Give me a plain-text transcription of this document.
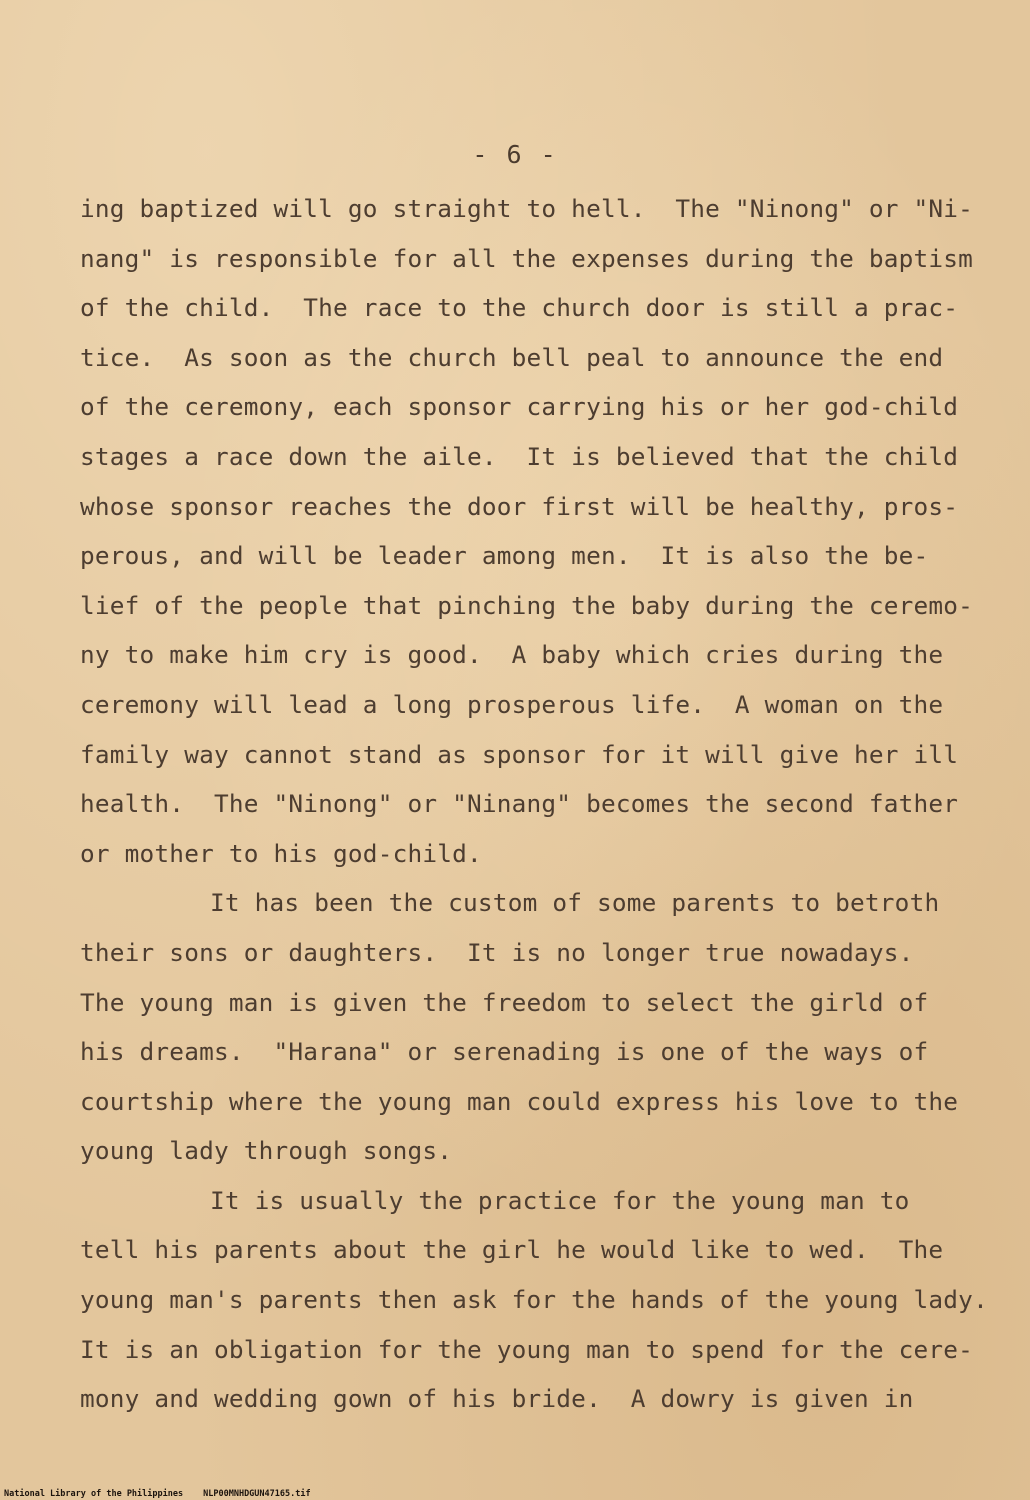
- 6 -
ing baptized will go straight to hell.  The "Ninong" or "Ni-
nang" is responsible for all the expenses during the baptism
of the child.  The race to the church door is still a prac-
tice.  As soon as the church bell peal to announce the end
of the ceremony, each sponsor carrying his or her god-child
stages a race down the aile.  It is believed that the child
whose sponsor reaches the door first will be healthy, pros-
perous, and will be leader among men.  It is also the be-
lief of the people that pinching the baby during the ceremo-
ny to make him cry is good.  A baby which cries during the
ceremony will lead a long prosperous life.  A woman on the
family way cannot stand as sponsor for it will give her ill
health.  The "Ninong" or "Ninang" becomes the second father
or mother to his god-child.
It has been the custom of some parents to betroth
their sons or daughters.  It is no longer true nowadays.
The young man is given the freedom to select the girld of
his dreams.  "Harana" or serenading is one of the ways of
courtship where the young man could express his love to the
young lady through songs.
It is usually the practice for the young man to
tell his parents about the girl he would like to wed.  The
young man's parents then ask for the hands of the young lady.
It is an obligation for the young man to spend for the cere-
mony and wedding gown of his bride.  A dowry is given in
National Library of the Philippines NLP00MNHDGUN47165.tif
